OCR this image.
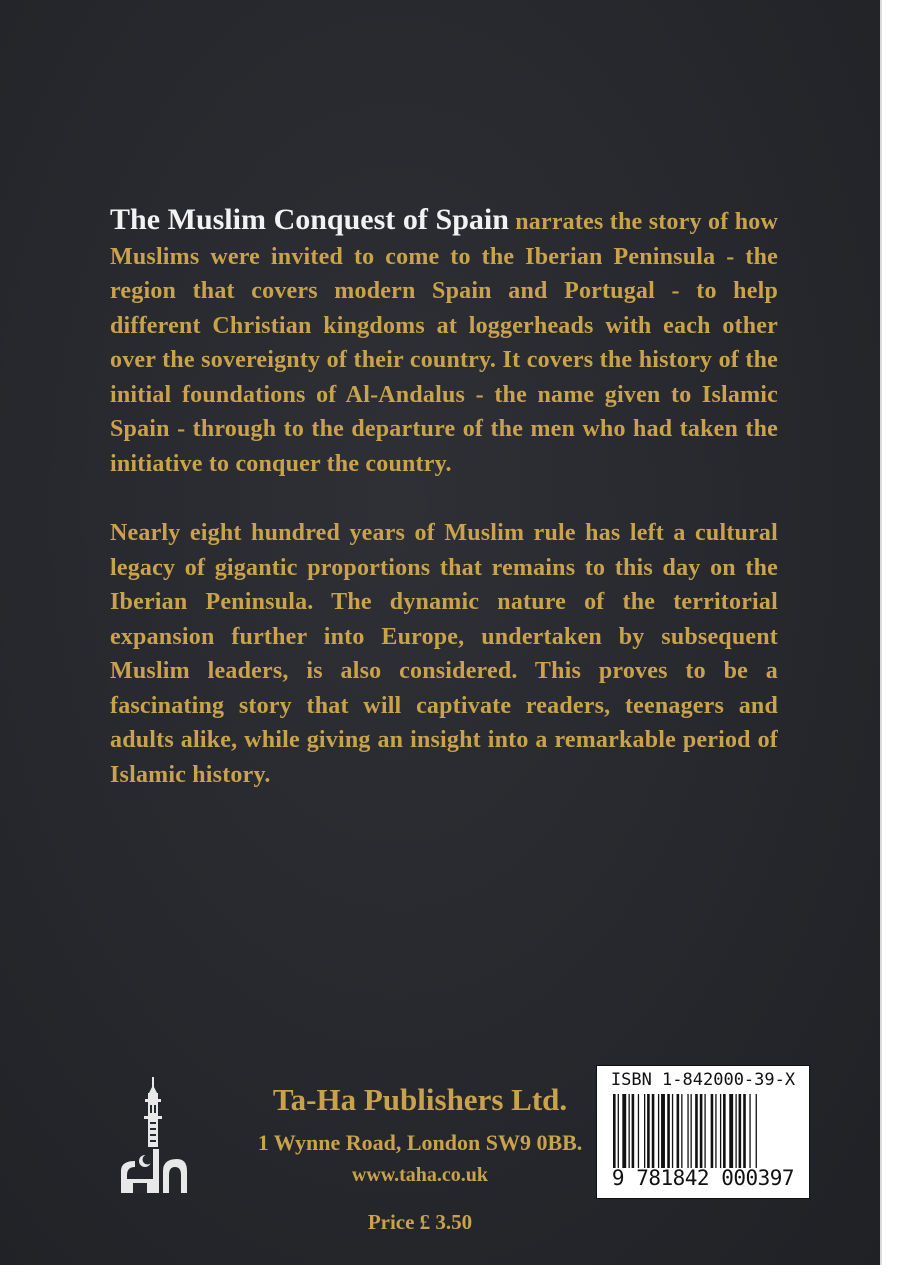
The Muslim Conquest of Spain narrates the story of how Muslims were invited to come to the Iberian Peninsula - the region that covers modern Spain and Portugal - to help different Christian kingdoms at loggerheads with each other over the sovereignty of their country. It covers the history of the initial foundations of Al-Andalus - the name given to Islamic Spain - through to the departure of the men who had taken the initiative to conquer the country.

Nearly eight hundred years of Muslim rule has left a cultural legacy of gigantic proportions that remains to this day on the Iberian Peninsula. The dynamic nature of the territorial expansion further into Europe, undertaken by subsequent Muslim leaders, is also considered. This proves to be a fascinating story that will captivate readers, teenagers and adults alike, while giving an insight into a remarkable period of Islamic history.

Ta-Ha Publishers Ltd.
1 Wynne Road, London SW9 0BB.
www.taha.co.uk
Price £ 3.50
ISBN 1-842000-39-X
9 781842 000397
